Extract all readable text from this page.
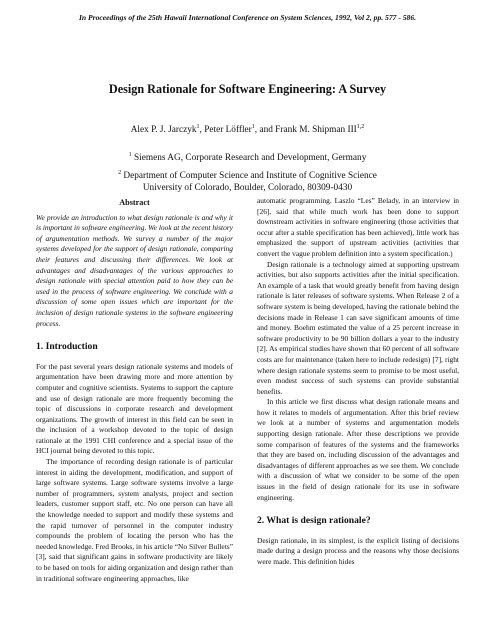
In Proceedings of the 25th Hawaii International Conference on System Sciences, 1992, Vol 2, pp. 577 - 586.
Design Rationale for Software Engineering: A Survey
Alex P. J. Jarczyk$^1$, Peter Löffler$^1$, and Frank M. Shipman III$^{1,2}$
$^1$ Siemens AG, Corporate Research and Development, Germany
$^2$ Department of Computer Science and Institute of Cognitive Science
University of Colorado, Boulder, Colorado, 80309-0430
Abstract

We provide an introduction to what design rationale is and why it is important in software engineering. We look at the recent history of argumentation methods. We survey a number of the major systems developed for the support of design rationale, comparing their features and discussing their differences. We look at advantages and disadvantages of the various approaches to design rationale with special attention paid to how they can be used in the process of software engineering. We conclude with a discussion of some open issues which are important for the inclusion of design rationale systems in the software engineering process.

1. Introduction

For the past several years design rationale systems and models of argumentation have been drawing more and more attention by computer and cognitive scientists. Systems to support the capture and use of design rationale are more frequently becoming the topic of discussions in corporate research and development organizations. The growth of interest in this field can be seen in the inclusion of a workshop devoted to the topic of design rationale at the 1991 CHI conference and a special issue of the HCI journal being devoted to this topic.

The importance of recording design rationale is of particular interest in aiding the development, modification, and support of large software systems. Large software systems involve a large number of programmers, system analysts, project and section leaders, customer support staff, etc. No one person can have all the knowledge needed to support and modify these systems and the rapid turnover of personnel in the computer industry compounds the problem of locating the person who has the needed knowledge. Fred Brooks, in his article “No Silver Bullets” [3], said that significant gains in software productivity are likely to be based on tools for aiding organization and design rather than in traditional software engineering approaches, like

automatic programming. Laszlo “Les” Belady, in an interview in [26], said that while much work has been done to support downstream activities in software engineering (those activities that occur after a stable specification has been achieved), little work has emphasized the support of upstream activities (activities that convert the vague problem definition into a system specification.)

Design rationale is a technology aimed at supporting upstream activities, but also supports activities after the initial specification. An example of a task that would greatly benefit from having design rationale is later releases of software systems. When Release 2 of a software system is being developed, having the rationale behind the decisions made in Release 1 can save significant amounts of time and money. Boehm estimated the value of a 25 percent increase in software productivity to be 90 billion dollars a year to the industry [2]. As empirical studies have shown that 60 percent of all software costs are for maintenance (taken here to include redesign) [7], right where design rationale systems seem to promise to be most useful, even modest success of such systems can provide substantial benefits.

In this article we first discuss what design rationale means and how it relates to models of argumentation. After this brief review we look at a number of systems and argumentation models supporting design rationale. After these descriptions we provide some comparison of features of the systems and the frameworks that they are based on, including discussion of the advantages and disadvantages of different approaches as we see them. We conclude with a discussion of what we consider to be some of the open issues in the field of design rationale for its use in software engineering.

2. What is design rationale?

Design rationale, in its simplest, is the explicit listing of decisions made during a design process and the reasons why those decisions were made. This definition hides
